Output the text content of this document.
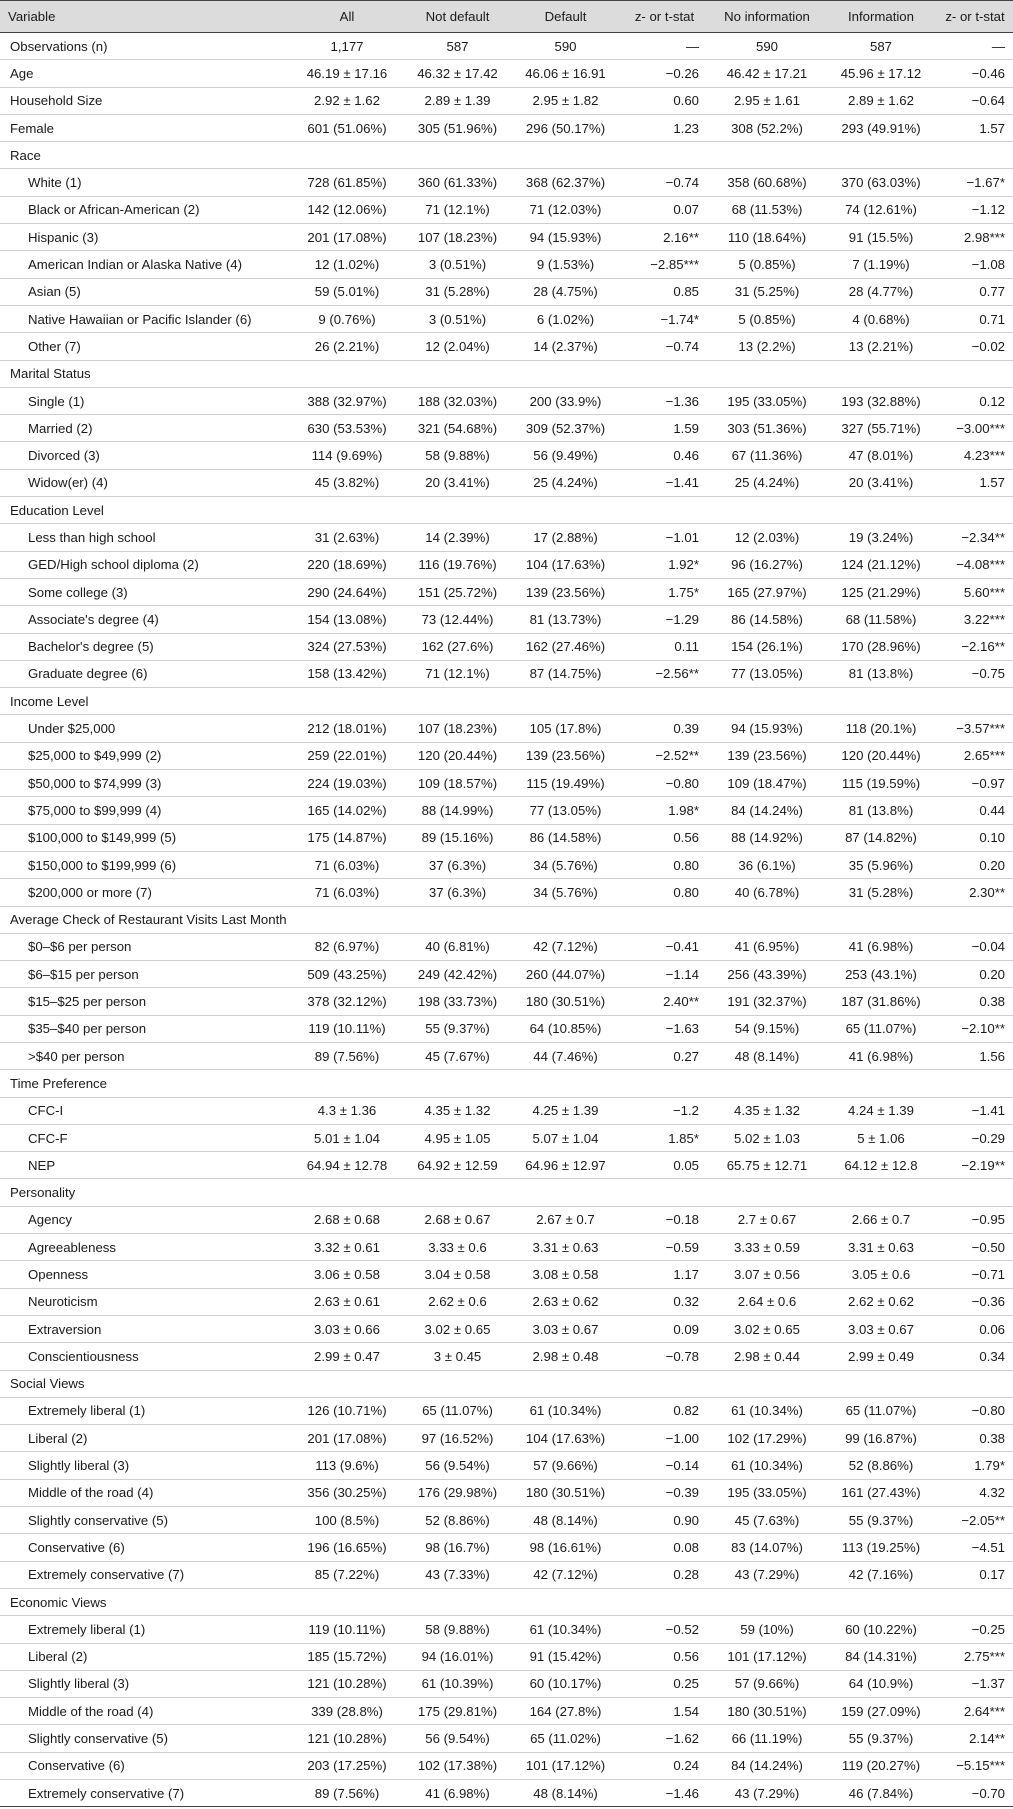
Variable	All	Not default	Default	z- or t-stat	No information	Information	z- or t-stat
Observations (n)	1,177	587	590	—	590	587	—
Age	46.19 ± 17.16	46.32 ± 17.42	46.06 ± 16.91	−0.26	46.42 ± 17.21	45.96 ± 17.12	−0.46
Household Size	2.92 ± 1.62	2.89 ± 1.39	2.95 ± 1.82	0.60	2.95 ± 1.61	2.89 ± 1.62	−0.64
Female	601 (51.06%)	305 (51.96%)	296 (50.17%)	1.23	308 (52.2%)	293 (49.91%)	1.57
Race							
White (1)	728 (61.85%)	360 (61.33%)	368 (62.37%)	−0.74	358 (60.68%)	370 (63.03%)	−1.67*
Black or African-American (2)	142 (12.06%)	71 (12.1%)	71 (12.03%)	0.07	68 (11.53%)	74 (12.61%)	−1.12
Hispanic (3)	201 (17.08%)	107 (18.23%)	94 (15.93%)	2.16**	110 (18.64%)	91 (15.5%)	2.98***
American Indian or Alaska Native (4)	12 (1.02%)	3 (0.51%)	9 (1.53%)	−2.85***	5 (0.85%)	7 (1.19%)	−1.08
Asian (5)	59 (5.01%)	31 (5.28%)	28 (4.75%)	0.85	31 (5.25%)	28 (4.77%)	0.77
Native Hawaiian or Pacific Islander (6)	9 (0.76%)	3 (0.51%)	6 (1.02%)	−1.74*	5 (0.85%)	4 (0.68%)	0.71
Other (7)	26 (2.21%)	12 (2.04%)	14 (2.37%)	−0.74	13 (2.2%)	13 (2.21%)	−0.02
Marital Status							
Single (1)	388 (32.97%)	188 (32.03%)	200 (33.9%)	−1.36	195 (33.05%)	193 (32.88%)	0.12
Married (2)	630 (53.53%)	321 (54.68%)	309 (52.37%)	1.59	303 (51.36%)	327 (55.71%)	−3.00***
Divorced (3)	114 (9.69%)	58 (9.88%)	56 (9.49%)	0.46	67 (11.36%)	47 (8.01%)	4.23***
Widow(er) (4)	45 (3.82%)	20 (3.41%)	25 (4.24%)	−1.41	25 (4.24%)	20 (3.41%)	1.57
Education Level							
Less than high school	31 (2.63%)	14 (2.39%)	17 (2.88%)	−1.01	12 (2.03%)	19 (3.24%)	−2.34**
GED/High school diploma (2)	220 (18.69%)	116 (19.76%)	104 (17.63%)	1.92*	96 (16.27%)	124 (21.12%)	−4.08***
Some college (3)	290 (24.64%)	151 (25.72%)	139 (23.56%)	1.75*	165 (27.97%)	125 (21.29%)	5.60***
Associate's degree (4)	154 (13.08%)	73 (12.44%)	81 (13.73%)	−1.29	86 (14.58%)	68 (11.58%)	3.22***
Bachelor's degree (5)	324 (27.53%)	162 (27.6%)	162 (27.46%)	0.11	154 (26.1%)	170 (28.96%)	−2.16**
Graduate degree (6)	158 (13.42%)	71 (12.1%)	87 (14.75%)	−2.56**	77 (13.05%)	81 (13.8%)	−0.75
Income Level							
Under $25,000	212 (18.01%)	107 (18.23%)	105 (17.8%)	0.39	94 (15.93%)	118 (20.1%)	−3.57***
$25,000 to $49,999 (2)	259 (22.01%)	120 (20.44%)	139 (23.56%)	−2.52**	139 (23.56%)	120 (20.44%)	2.65***
$50,000 to $74,999 (3)	224 (19.03%)	109 (18.57%)	115 (19.49%)	−0.80	109 (18.47%)	115 (19.59%)	−0.97
$75,000 to $99,999 (4)	165 (14.02%)	88 (14.99%)	77 (13.05%)	1.98*	84 (14.24%)	81 (13.8%)	0.44
$100,000 to $149,999 (5)	175 (14.87%)	89 (15.16%)	86 (14.58%)	0.56	88 (14.92%)	87 (14.82%)	0.10
$150,000 to $199,999 (6)	71 (6.03%)	37 (6.3%)	34 (5.76%)	0.80	36 (6.1%)	35 (5.96%)	0.20
$200,000 or more (7)	71 (6.03%)	37 (6.3%)	34 (5.76%)	0.80	40 (6.78%)	31 (5.28%)	2.30**
Average Check of Restaurant Visits Last Month							
$0–$6 per person	82 (6.97%)	40 (6.81%)	42 (7.12%)	−0.41	41 (6.95%)	41 (6.98%)	−0.04
$6–$15 per person	509 (43.25%)	249 (42.42%)	260 (44.07%)	−1.14	256 (43.39%)	253 (43.1%)	0.20
$15–$25 per person	378 (32.12%)	198 (33.73%)	180 (30.51%)	2.40**	191 (32.37%)	187 (31.86%)	0.38
$35–$40 per person	119 (10.11%)	55 (9.37%)	64 (10.85%)	−1.63	54 (9.15%)	65 (11.07%)	−2.10**
>$40 per person	89 (7.56%)	45 (7.67%)	44 (7.46%)	0.27	48 (8.14%)	41 (6.98%)	1.56
Time Preference							
CFC-I	4.3 ± 1.36	4.35 ± 1.32	4.25 ± 1.39	−1.2	4.35 ± 1.32	4.24 ± 1.39	−1.41
CFC-F	5.01 ± 1.04	4.95 ± 1.05	5.07 ± 1.04	1.85*	5.02 ± 1.03	5 ± 1.06	−0.29
NEP	64.94 ± 12.78	64.92 ± 12.59	64.96 ± 12.97	0.05	65.75 ± 12.71	64.12 ± 12.8	−2.19**
Personality							
Agency	2.68 ± 0.68	2.68 ± 0.67	2.67 ± 0.7	−0.18	2.7 ± 0.67	2.66 ± 0.7	−0.95
Agreeableness	3.32 ± 0.61	3.33 ± 0.6	3.31 ± 0.63	−0.59	3.33 ± 0.59	3.31 ± 0.63	−0.50
Openness	3.06 ± 0.58	3.04 ± 0.58	3.08 ± 0.58	1.17	3.07 ± 0.56	3.05 ± 0.6	−0.71
Neuroticism	2.63 ± 0.61	2.62 ± 0.6	2.63 ± 0.62	0.32	2.64 ± 0.6	2.62 ± 0.62	−0.36
Extraversion	3.03 ± 0.66	3.02 ± 0.65	3.03 ± 0.67	0.09	3.02 ± 0.65	3.03 ± 0.67	0.06
Conscientiousness	2.99 ± 0.47	3 ± 0.45	2.98 ± 0.48	−0.78	2.98 ± 0.44	2.99 ± 0.49	0.34
Social Views							
Extremely liberal (1)	126 (10.71%)	65 (11.07%)	61 (10.34%)	0.82	61 (10.34%)	65 (11.07%)	−0.80
Liberal (2)	201 (17.08%)	97 (16.52%)	104 (17.63%)	−1.00	102 (17.29%)	99 (16.87%)	0.38
Slightly liberal (3)	113 (9.6%)	56 (9.54%)	57 (9.66%)	−0.14	61 (10.34%)	52 (8.86%)	1.79*
Middle of the road (4)	356 (30.25%)	176 (29.98%)	180 (30.51%)	−0.39	195 (33.05%)	161 (27.43%)	4.32
Slightly conservative (5)	100 (8.5%)	52 (8.86%)	48 (8.14%)	0.90	45 (7.63%)	55 (9.37%)	−2.05**
Conservative (6)	196 (16.65%)	98 (16.7%)	98 (16.61%)	0.08	83 (14.07%)	113 (19.25%)	−4.51
Extremely conservative (7)	85 (7.22%)	43 (7.33%)	42 (7.12%)	0.28	43 (7.29%)	42 (7.16%)	0.17
Economic Views							
Extremely liberal (1)	119 (10.11%)	58 (9.88%)	61 (10.34%)	−0.52	59 (10%)	60 (10.22%)	−0.25
Liberal (2)	185 (15.72%)	94 (16.01%)	91 (15.42%)	0.56	101 (17.12%)	84 (14.31%)	2.75***
Slightly liberal (3)	121 (10.28%)	61 (10.39%)	60 (10.17%)	0.25	57 (9.66%)	64 (10.9%)	−1.37
Middle of the road (4)	339 (28.8%)	175 (29.81%)	164 (27.8%)	1.54	180 (30.51%)	159 (27.09%)	2.64***
Slightly conservative (5)	121 (10.28%)	56 (9.54%)	65 (11.02%)	−1.62	66 (11.19%)	55 (9.37%)	2.14**
Conservative (6)	203 (17.25%)	102 (17.38%)	101 (17.12%)	0.24	84 (14.24%)	119 (20.27%)	−5.15***
Extremely conservative (7)	89 (7.56%)	41 (6.98%)	48 (8.14%)	−1.46	43 (7.29%)	46 (7.84%)	−0.70
